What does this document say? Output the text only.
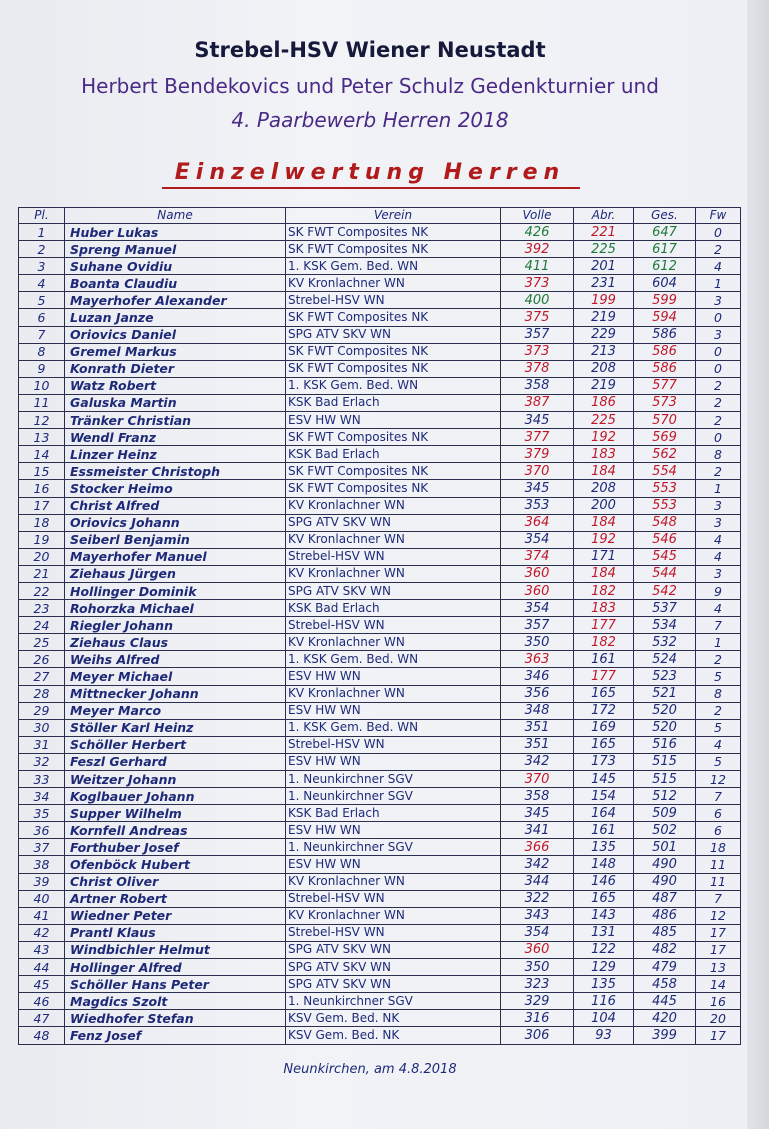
Strebel-HSV Wiener Neustadt
Herbert Bendekovics und Peter Schulz Gedenkturnier und
4. Paarbewerb Herren 2018
Einzelwertung Herren
Pl.	Name	Verein	Volle	Abr.	Ges.	Fw
1	Huber Lukas	SK FWT Composites NK	426	221	647	0
2	Spreng Manuel	SK FWT Composites NK	392	225	617	2
3	Suhane Ovidiu	1. KSK Gem. Bed. WN	411	201	612	4
4	Boanta Claudiu	KV Kronlachner WN	373	231	604	1
5	Mayerhofer Alexander	Strebel-HSV WN	400	199	599	3
6	Luzan Janze	SK FWT Composites NK	375	219	594	0
7	Oriovics Daniel	SPG ATV SKV WN	357	229	586	3
8	Gremel Markus	SK FWT Composites NK	373	213	586	0
9	Konrath Dieter	SK FWT Composites NK	378	208	586	0
10	Watz Robert	1. KSK Gem. Bed. WN	358	219	577	2
11	Galuska Martin	KSK Bad Erlach	387	186	573	2
12	Tränker Christian	ESV HW WN	345	225	570	2
13	Wendl Franz	SK FWT Composites NK	377	192	569	0
14	Linzer Heinz	KSK Bad Erlach	379	183	562	8
15	Essmeister Christoph	SK FWT Composites NK	370	184	554	2
16	Stocker Heimo	SK FWT Composites NK	345	208	553	1
17	Christ Alfred	KV Kronlachner WN	353	200	553	3
18	Oriovics Johann	SPG ATV SKV WN	364	184	548	3
19	Seiberl Benjamin	KV Kronlachner WN	354	192	546	4
20	Mayerhofer Manuel	Strebel-HSV WN	374	171	545	4
21	Ziehaus Jürgen	KV Kronlachner WN	360	184	544	3
22	Hollinger Dominik	SPG ATV SKV WN	360	182	542	9
23	Rohorzka Michael	KSK Bad Erlach	354	183	537	4
24	Riegler Johann	Strebel-HSV WN	357	177	534	7
25	Ziehaus Claus	KV Kronlachner WN	350	182	532	1
26	Weihs Alfred	1. KSK Gem. Bed. WN	363	161	524	2
27	Meyer Michael	ESV HW WN	346	177	523	5
28	Mittnecker Johann	KV Kronlachner WN	356	165	521	8
29	Meyer Marco	ESV HW WN	348	172	520	2
30	Stöller Karl Heinz	1. KSK Gem. Bed. WN	351	169	520	5
31	Schöller Herbert	Strebel-HSV WN	351	165	516	4
32	Feszl Gerhard	ESV HW WN	342	173	515	5
33	Weitzer Johann	1. Neunkirchner SGV	370	145	515	12
34	Koglbauer Johann	1. Neunkirchner SGV	358	154	512	7
35	Supper Wilhelm	KSK Bad Erlach	345	164	509	6
36	Kornfell Andreas	ESV HW WN	341	161	502	6
37	Forthuber Josef	1. Neunkirchner SGV	366	135	501	18
38	Ofenböck Hubert	ESV HW WN	342	148	490	11
39	Christ Oliver	KV Kronlachner WN	344	146	490	11
40	Artner Robert	Strebel-HSV WN	322	165	487	7
41	Wiedner Peter	KV Kronlachner WN	343	143	486	12
42	Prantl Klaus	Strebel-HSV WN	354	131	485	17
43	Windbichler Helmut	SPG ATV SKV WN	360	122	482	17
44	Hollinger Alfred	SPG ATV SKV WN	350	129	479	13
45	Schöller Hans Peter	SPG ATV SKV WN	323	135	458	14
46	Magdics Szolt	1. Neunkirchner SGV	329	116	445	16
47	Wiedhofer Stefan	KSV Gem. Bed. NK	316	104	420	20
48	Fenz Josef	KSV Gem. Bed. NK	306	93	399	17
Neunkirchen, am 4.8.2018
